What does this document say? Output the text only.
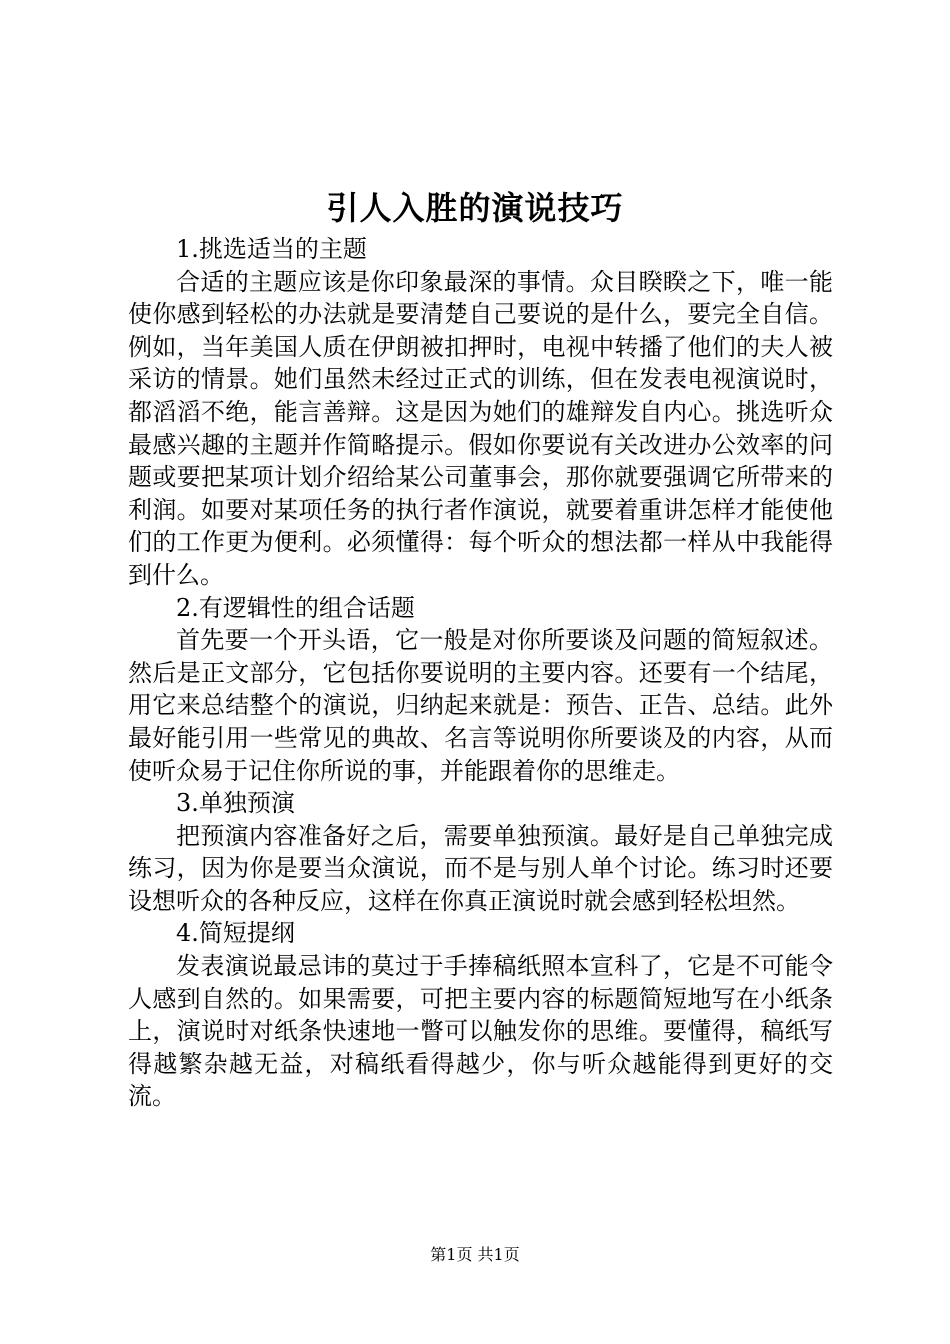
引人入胜的演说技巧

1.挑选适当的主题

合适的主题应该是你印象最深的事情。众目睽睽之下，唯一能使你感到轻松的办法就是要清楚自己要说的是什么，要完全自信。例如，当年美国人质在伊朗被扣押时，电视中转播了他们的夫人被采访的情景。她们虽然未经过正式的训练，但在发表电视演说时，都滔滔不绝，能言善辩。这是因为她们的雄辩发自内心。挑选听众最感兴趣的主题并作简略提示。假如你要说有关改进办公效率的问题或要把某项计划介绍给某公司董事会，那你就要强调它所带来的利润。如要对某项任务的执行者作演说，就要着重讲怎样才能使他们的工作更为便利。必须懂得：每个听众的想法都一样从中我能得到什么。

2.有逻辑性的组合话题

首先要一个开头语，它一般是对你所要谈及问题的简短叙述。然后是正文部分，它包括你要说明的主要内容。还要有一个结尾，用它来总结整个的演说，归纳起来就是：预告、正告、总结。此外最好能引用一些常见的典故、名言等说明你所要谈及的内容，从而使听众易于记住你所说的事，并能跟着你的思维走。

3.单独预演

把预演内容准备好之后，需要单独预演。最好是自己单独完成练习，因为你是要当众演说，而不是与别人单个讨论。练习时还要设想听众的各种反应，这样在你真正演说时就会感到轻松坦然。

4.简短提纲

发表演说最忌讳的莫过于手捧稿纸照本宣科了，它是不可能令人感到自然的。如果需要，可把主要内容的标题简短地写在小纸条上，演说时对纸条快速地一瞥可以触发你的思维。要懂得，稿纸写得越繁杂越无益，对稿纸看得越少，你与听众越能得到更好的交流。

第1页 共1页
